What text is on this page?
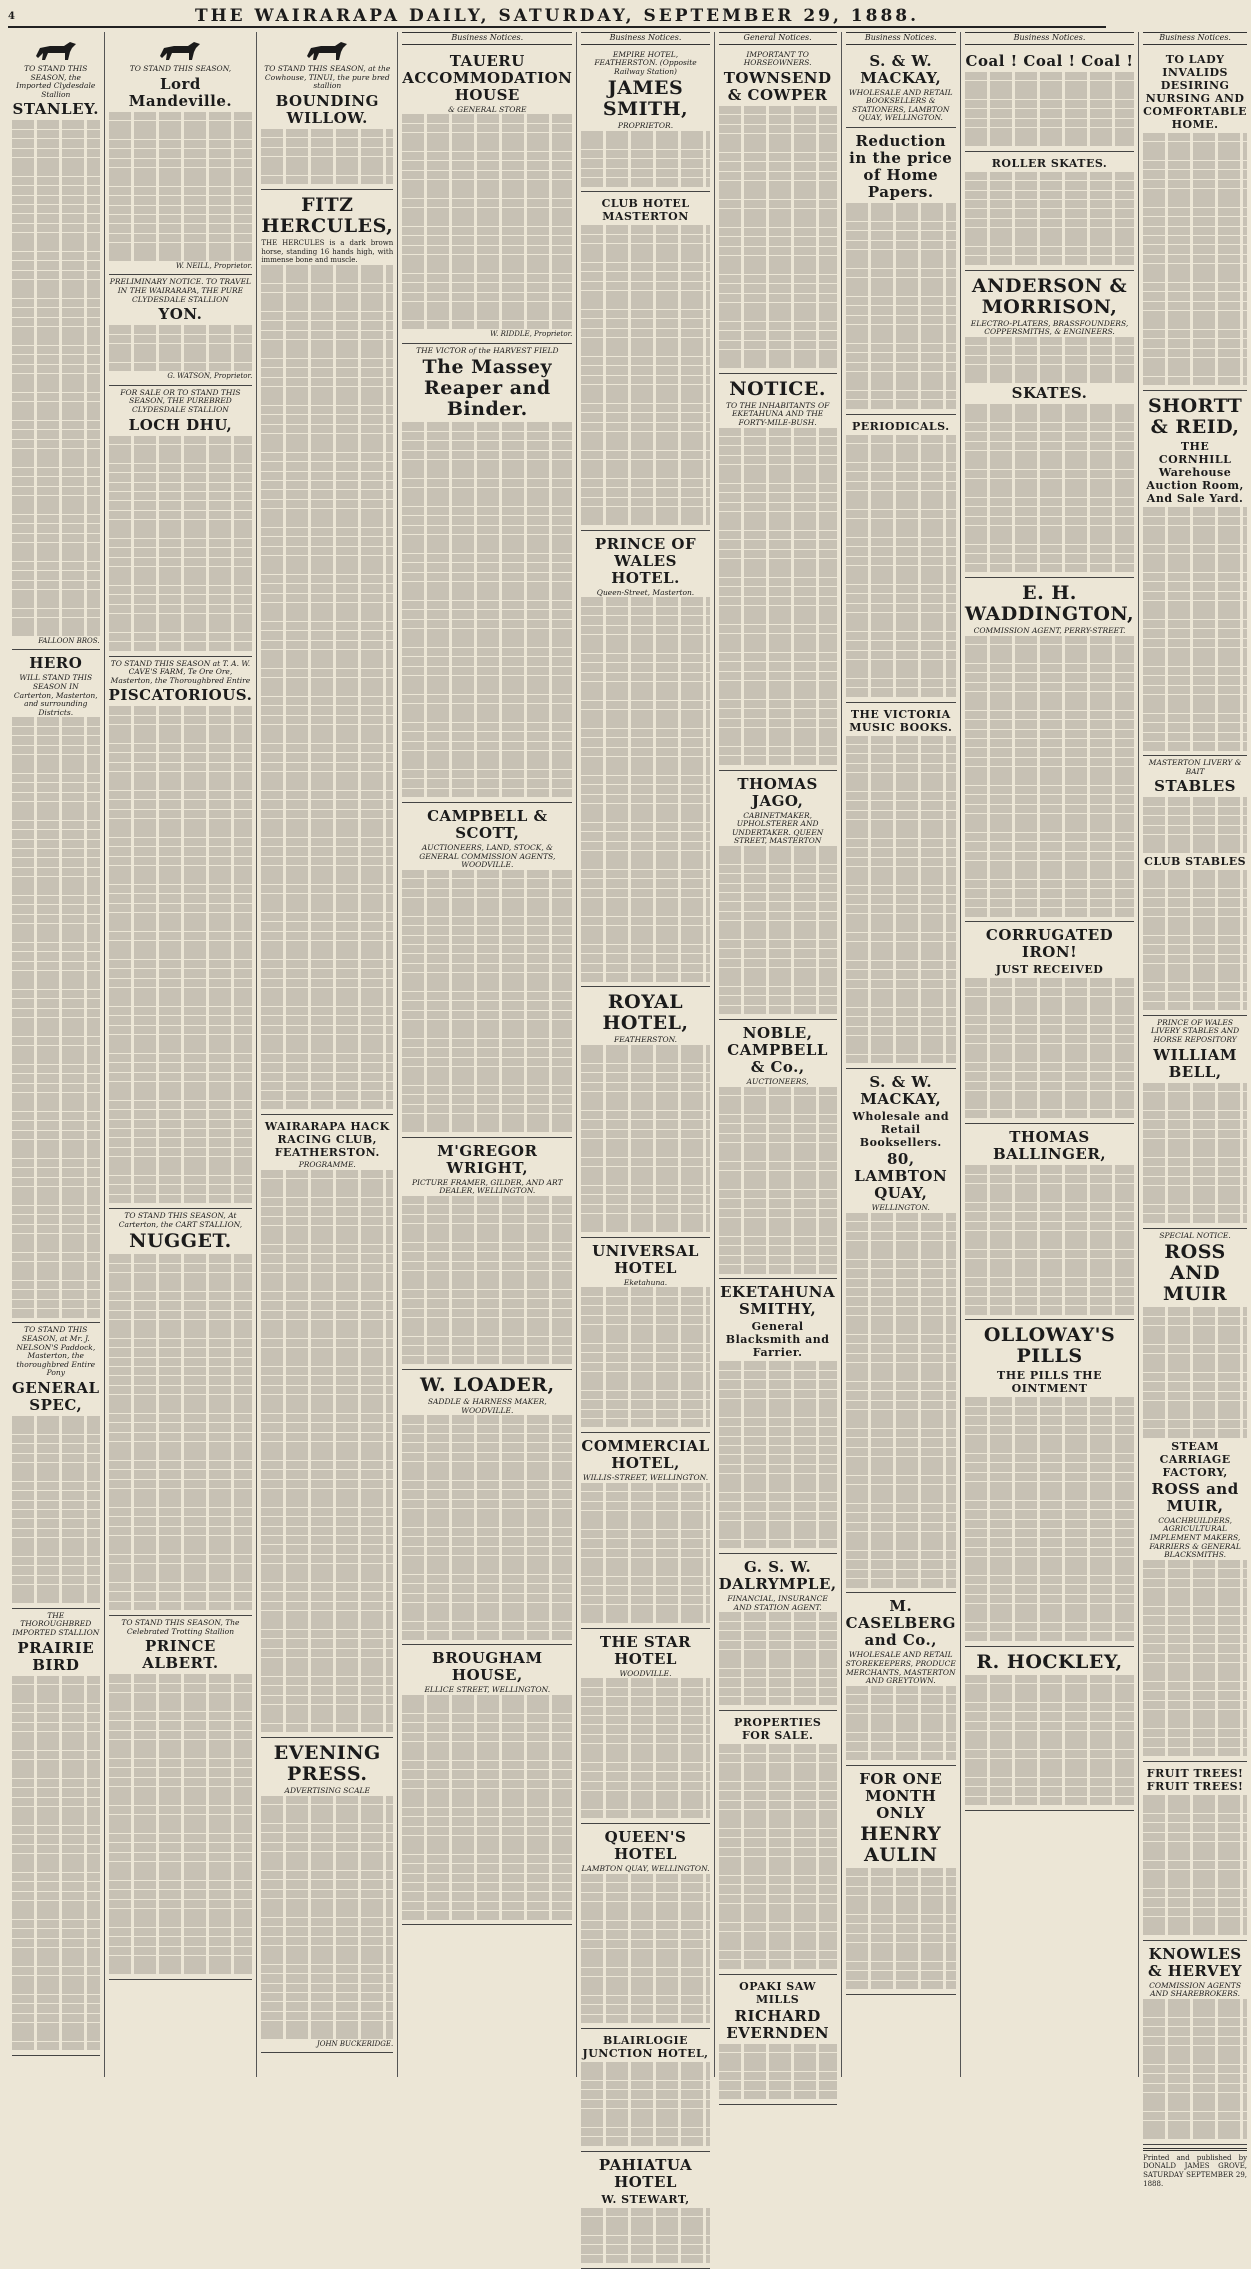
4	THE WAIRARAPA DAILY, SATURDAY, SEPTEMBER 29, 1888.
TO STAND THIS SEASON, the Imported Clydesdale Stallion
STANLEY.
FALLOON BROS.
HERO
WILL STAND THIS SEASON IN Carterton, Masterton, and surrounding Districts.
TO STAND THIS SEASON, at Mr. J. NELSON'S Paddock, Masterton, the thoroughbred Entire Pony
GENERAL SPEC,
THE THOROUGHBRED IMPORTED STALLION
PRAIRIE BIRD
TO STAND THIS SEASON,
Lord Mandeville.
W. NEILL, Proprietor.
PRELIMINARY NOTICE. TO TRAVEL IN THE WAIRARAPA, THE PURE CLYDESDALE STALLION
YON.
G. WATSON, Proprietor.
FOR SALE OR TO STAND THIS SEASON, THE PUREBRED CLYDESDALE STALLION
LOCH DHU,
TO STAND THIS SEASON at T. A. W. CAVE'S FARM, Te Ore Ore, Masterton, the Thoroughbred Entire
PISCATORIOUS.
TO STAND THIS SEASON, At Carterton, the CART STALLION,
NUGGET.
TO STAND THIS SEASON, The Celebrated Trotting Stallion
PRINCE ALBERT.
TO STAND THIS SEASON, at the Cowhouse, TINUI, the pure bred stallion
BOUNDING WILLOW.
FITZ HERCULES,
THE HERCULES is a dark brown horse, standing 16 hands high, with immense bone and muscle.
WAIRARAPA HACK RACING CLUB, FEATHERSTON.
PROGRAMME.
EVENING PRESS.
ADVERTISING SCALE
JOHN BUCKERIDGE.
Business Notices.
TAUERU ACCOMMODATION HOUSE
& GENERAL STORE
W. RIDDLE, Proprietor.
THE VICTOR of the HARVEST FIELD
The Massey Reaper and Binder.
CAMPBELL & SCOTT,
AUCTIONEERS, LAND, STOCK, & GENERAL COMMISSION AGENTS, WOODVILLE.
M'GREGOR WRIGHT,
PICTURE FRAMER, GILDER, AND ART DEALER, WELLINGTON.
W. LOADER,
SADDLE & HARNESS MAKER, WOODVILLE.
BROUGHAM HOUSE,
ELLICE STREET, WELLINGTON.
Business Notices.
EMPIRE HOTEL, FEATHERSTON. (Opposite Railway Station)
JAMES SMITH,
PROPRIETOR.
CLUB HOTEL MASTERTON
PRINCE OF WALES HOTEL.
Queen-Street, Masterton.
ROYAL HOTEL,
FEATHERSTON.
UNIVERSAL HOTEL
Eketahuna.
COMMERCIAL HOTEL,
WILLIS-STREET, WELLINGTON.
THE STAR HOTEL
WOODVILLE.
QUEEN'S HOTEL
LAMBTON QUAY, WELLINGTON.
BLAIRLOGIE JUNCTION HOTEL,
PAHIATUA HOTEL
W. STEWART,
General Notices.
IMPORTANT TO HORSEOWNERS.
TOWNSEND & COWPER
NOTICE.
TO THE INHABITANTS OF EKETAHUNA AND THE FORTY-MILE-BUSH.
THOMAS JAGO,
CABINETMAKER, UPHOLSTERER AND UNDERTAKER. QUEEN STREET, MASTERTON
NOBLE, CAMPBELL & Co.,
AUCTIONEERS,
EKETAHUNA SMITHY,
General Blacksmith and Farrier.
G. S. W. DALRYMPLE,
FINANCIAL, INSURANCE AND STATION AGENT.
PROPERTIES FOR SALE.
OPAKI SAW MILLS
RICHARD EVERNDEN
Business Notices.
S. & W. MACKAY,
WHOLESALE AND RETAIL BOOKSELLERS & STATIONERS, LAMBTON QUAY, WELLINGTON.
Reduction in the price of Home Papers.
PERIODICALS.
THE VICTORIA MUSIC BOOKS.
S. & W. MACKAY,
Wholesale and Retail Booksellers.
80, LAMBTON QUAY,
WELLINGTON.
M. CASELBERG and Co.,
WHOLESALE AND RETAIL STOREKEEPERS, PRODUCE MERCHANTS, MASTERTON AND GREYTOWN.
FOR ONE MONTH ONLY
HENRY AULIN
Business Notices.
Coal ! Coal ! Coal !
ROLLER SKATES.
ANDERSON & MORRISON,
ELECTRO-PLATERS, BRASSFOUNDERS, COPPERSMITHS, & ENGINEERS.
SKATES.
E. H. WADDINGTON,
COMMISSION AGENT, PERRY-STREET.
CORRUGATED IRON!
JUST RECEIVED
THOMAS BALLINGER,
OLLOWAY'S PILLS
THE PILLS THE OINTMENT
R. HOCKLEY,
Business Notices.
TO LADY INVALIDS DESIRING NURSING AND COMFORTABLE HOME.
SHORTT & REID,
THE CORNHILL Warehouse Auction Room, And Sale Yard.
MASTERTON LIVERY & BAIT
STABLES
CLUB STABLES
PRINCE OF WALES LIVERY STABLES AND HORSE REPOSITORY
WILLIAM BELL,
SPECIAL NOTICE.
ROSS AND MUIR
STEAM CARRIAGE FACTORY,
ROSS and MUIR,
COACHBUILDERS, AGRICULTURAL IMPLEMENT MAKERS, FARRIERS & GENERAL BLACKSMITHS.
FRUIT TREES! FRUIT TREES!
KNOWLES & HERVEY
COMMISSION AGENTS AND SHAREBROKERS.
Printed and published by DONALD JAMES GROVE, SATURDAY SEPTEMBER 29, 1888.
